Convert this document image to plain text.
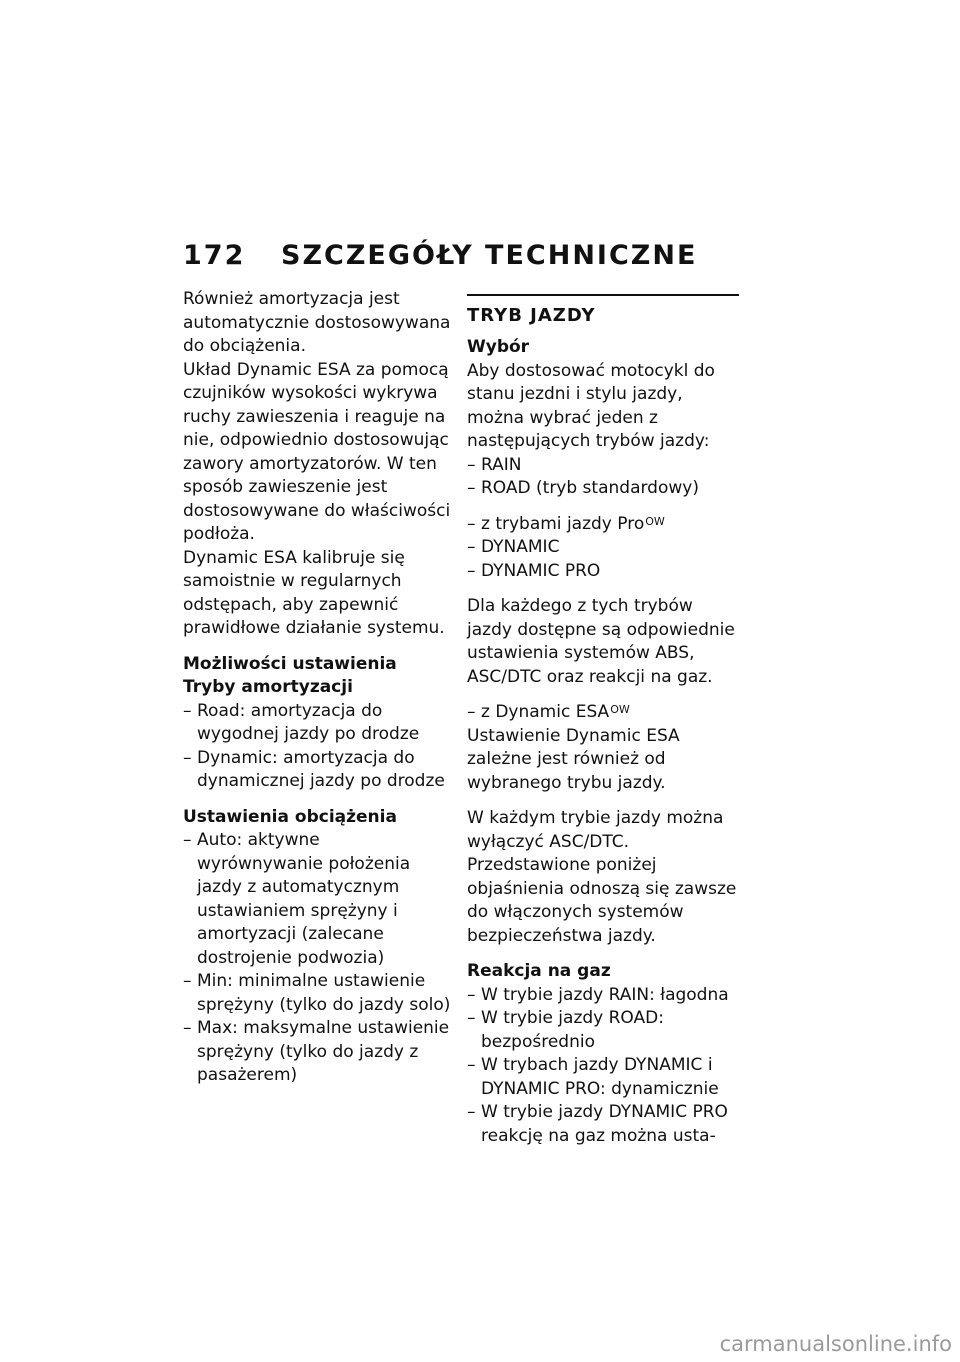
172 SZCZEGÓŁY TECHNICZNE

Również amortyzacja jest automatycznie dostosowywana do obciążenia.

Układ Dynamic ESA za pomocą czujników wysokości wykrywa ruchy zawieszenia i reaguje na nie, odpowiednio dostosowując zawory amortyzatorów. W ten sposób zawieszenie jest dostosowywane do właściwości podłoża.

Dynamic ESA kalibruje się samoistnie w regularnych odstępach, aby zapewnić prawidłowe działanie systemu.

Możliwości ustawienia

Tryby amortyzacji

– Road: amortyzacja do wygodnej jazdy po drodze

– Dynamic: amortyzacja do dynamicznej jazdy po drodze

Ustawienia obciążenia

– Auto: aktywne wyrównywanie położenia jazdy z automatycznym ustawianiem sprężyny i amortyzacji (zalecane dostrojenie podwozia)

– Min: minimalne ustawienie sprężyny (tylko do jazdy solo)

– Max: maksymalne ustawienie sprężyny (tylko do jazdy z pasażerem)

TRYB JAZDY

Wybór

Aby dostosować motocykl do stanu jezdni i stylu jazdy, można wybrać jeden z następujących trybów jazdy:

– RAIN

– ROAD (tryb standardowy)

– z trybami jazdy Pro$^{OW}$

– DYNAMIC

– DYNAMIC PRO

Dla każdego z tych trybów jazdy dostępne są odpowiednie ustawienia systemów ABS, ASC/DTC oraz reakcji na gaz.

– z Dynamic $ESA^{OW}$

Ustawienie Dynamic ESA zależne jest również od wybranego trybu jazdy.

W każdym trybie jazdy można wyłączyć ASC/DTC. Przedstawione poniżej objaśnienia odnoszą się zawsze do włączonych systemów bezpieczeństwa jazdy.

Reakcja na gaz

– W trybie jazdy RAIN: łagodna

– W trybie jazdy ROAD: bezpośrednio

– W trybach jazdy DYNAMIC i DYNAMIC PRO: dynamicznie

– W trybie jazdy DYNAMIC PRO reakcję na gaz można usta-

carmanualsonline.info
